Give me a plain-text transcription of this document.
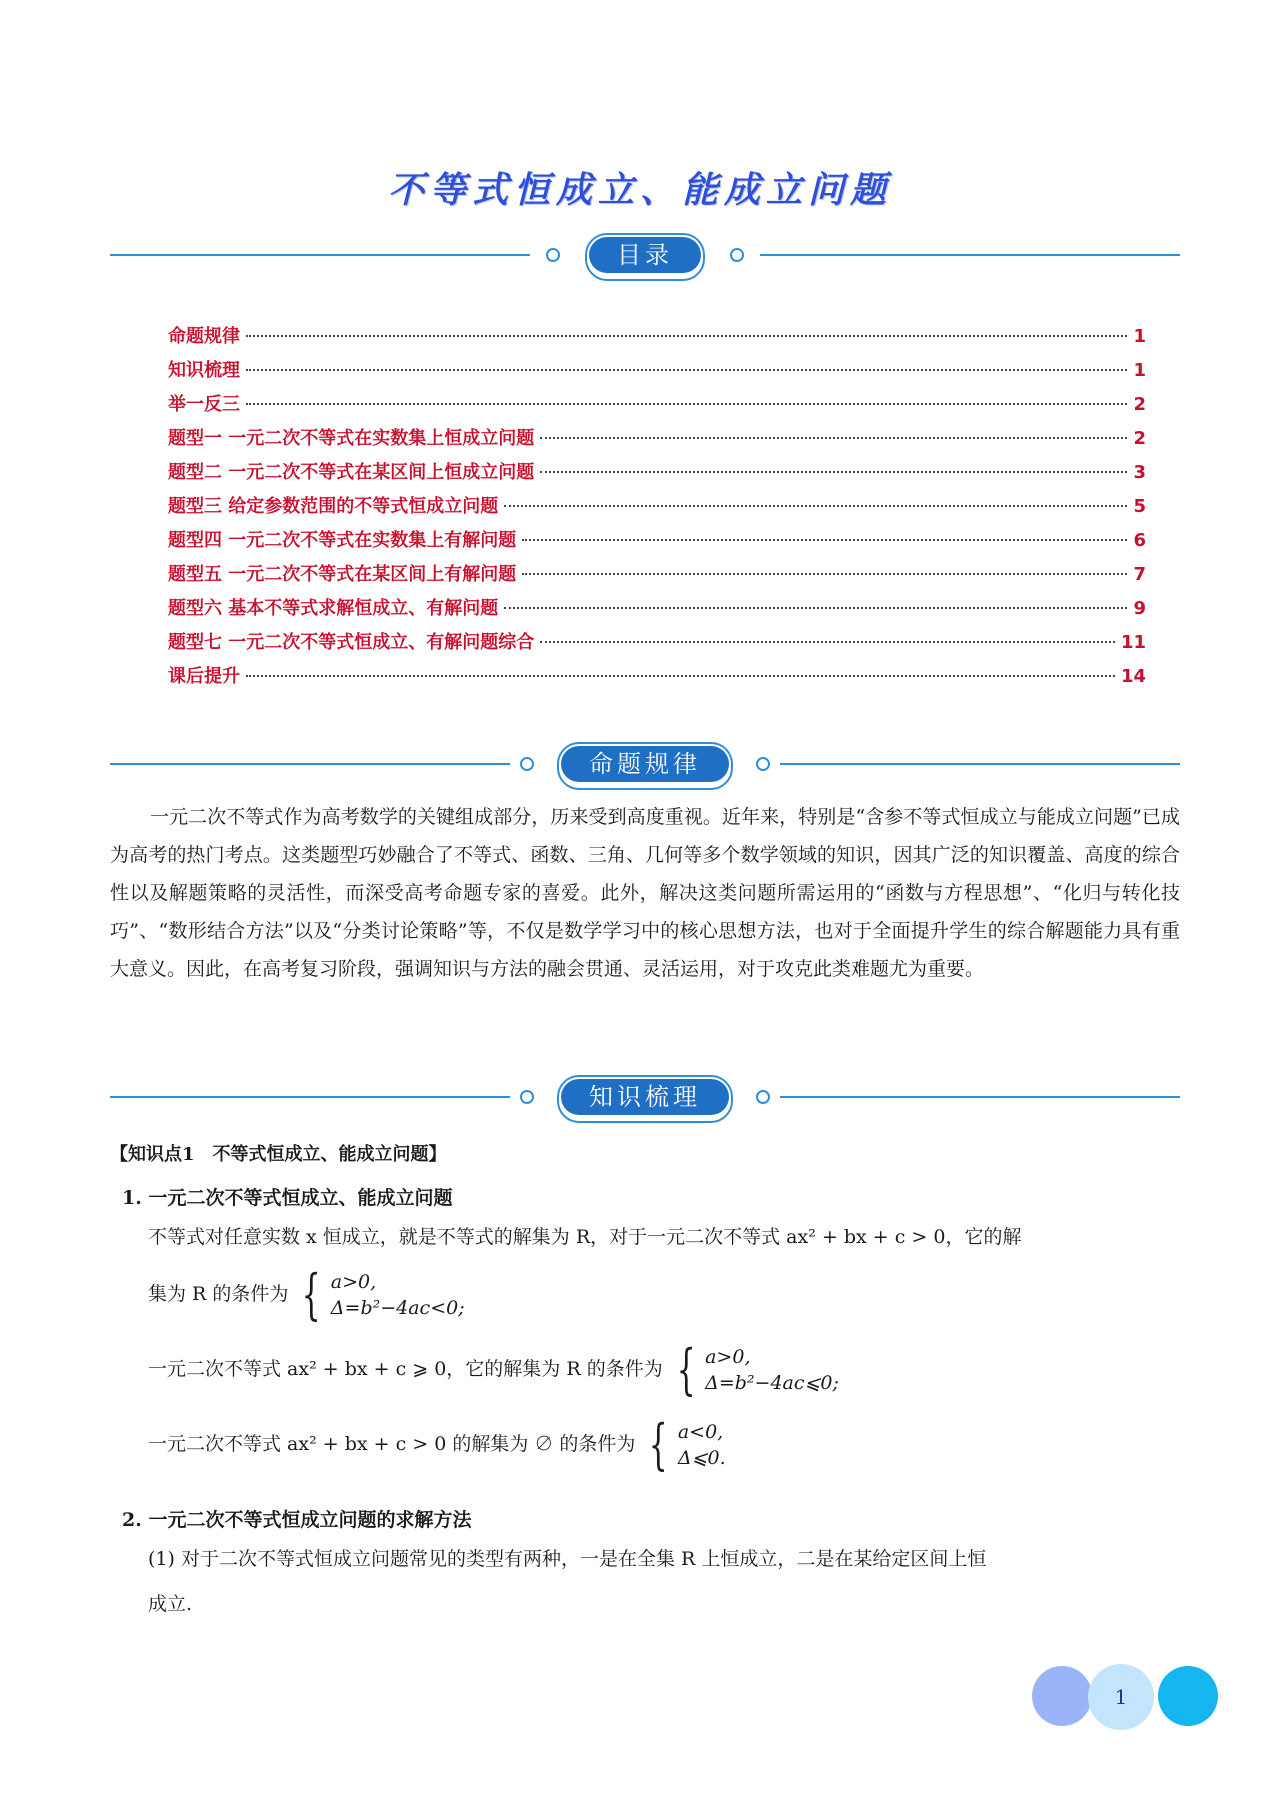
不等式恒成立、能成立问题
目录
命题规律	1
知识梳理	1
举一反三	2
题型一 一元二次不等式在实数集上恒成立问题	2
题型二 一元二次不等式在某区间上恒成立问题	3
题型三 给定参数范围的不等式恒成立问题	5
题型四 一元二次不等式在实数集上有解问题	6
题型五 一元二次不等式在某区间上有解问题	7
题型六 基本不等式求解恒成立、有解问题	9
题型七 一元二次不等式恒成立、有解问题综合	11
课后提升	14
命题规律
一元二次不等式作为高考数学的关键组成部分，历来受到高度重视。近年来，特别是“含参不等式恒成立与能成立问题”已成为高考的热门考点。这类题型巧妙融合了不等式、函数、三角、几何等多个数学领域的知识，因其广泛的知识覆盖、高度的综合性以及解题策略的灵活性，而深受高考命题专家的喜爱。此外，解决这类问题所需运用的“函数与方程思想”、“化归与转化技巧”、“数形结合方法”以及“分类讨论策略”等，不仅是数学学习中的核心思想方法，也对于全面提升学生的综合解题能力具有重大意义。因此，在高考复习阶段，强调知识与方法的融会贯通、灵活运用，对于攻克此类难题尤为重要。
知识梳理
【知识点1　不等式恒成立、能成立问题】
1. 一元二次不等式恒成立、能成立问题
不等式对任意实数 x 恒成立，就是不等式的解集为 R，对于一元二次不等式 ax² + bx + c > 0，它的解
集为 R 的条件为 { a>0,
Δ=b²−4ac<0;
一元二次不等式 ax² + bx + c ⩾ 0，它的解集为 R 的条件为 { a>0,
Δ=b²−4ac⩽0;
一元二次不等式 ax² + bx + c > 0 的解集为 ∅ 的条件为 { a<0,
Δ⩽0.
2. 一元二次不等式恒成立问题的求解方法
(1) 对于二次不等式恒成立问题常见的类型有两种，一是在全集 R 上恒成立，二是在某给定区间上恒
成立.
1
